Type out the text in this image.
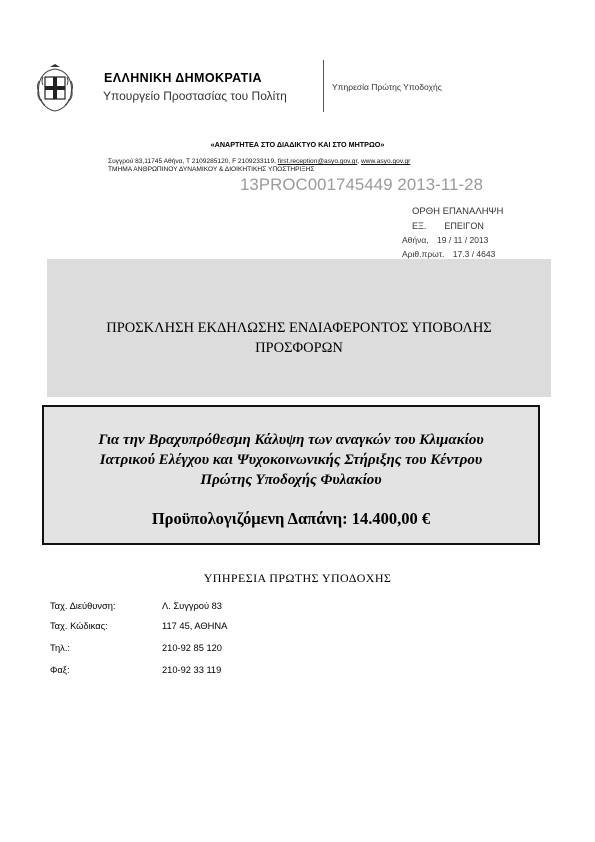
ΕΛΛΗΝΙΚΗ ΔΗΜΟΚΡΑΤΙΑ
Υπουργείο Προστασίας του Πολίτη
Υπηρεσία Πρώτης Υποδοχής
«ΑΝΑΡΤΗΤΕΑ ΣΤΟ ΔΙΑΔΙΚΤΥΟ ΚΑΙ ΣΤΟ ΜΗΤΡΩΟ»
Συγγρού 83,11745 Αθήνα, Τ 2109285120, F 2109233119, first.reception@asyo.gov.gr, www.asyo.gov.gr
ΤΜΗΜΑ ΑΝΘΡΩΠΙΝΟΥ ΔΥΝΑΜΙΚΟΥ & ΔΙΟΙΚΗΤΙΚΗΣ ΥΠΟΣΤΗΡΙΞΗΣ
13PROC001745449 2013-11-28
ΟΡΘΗ ΕΠΑΝΑΛΗΨΗ
ΕΞ. ΕΠΕΙΓΟΝ
Αθήνα, 19 / 11 / 2013
Αριθ.πρωτ. 17.3 / 4643
ΠΡΟΣΚΛΗΣΗ ΕΚΔΗΛΩΣΗΣ ΕΝΔΙΑΦΕΡΟΝΤΟΣ ΥΠΟΒΟΛΗΣ
ΠΡΟΣΦΟΡΩΝ
Για την Βραχυπρόθεσμη Κάλυψη των αναγκών του Κλιμακίου
Ιατρικού Ελέγχου και Ψυχοκοινωνικής Στήριξης του Κέντρου
Πρώτης Υποδοχής Φυλακίου
Προϋπολογιζόμενη Δαπάνη: 14.400,00 €
ΥΠΗΡΕΣΙΑ ΠΡΩΤΗΣ ΥΠΟΔΟΧΗΣ
Ταχ. Διεύθυνση:	Λ. Συγγρού 83
Ταχ. Κώδικας:	117 45, ΑΘΗΝΑ
Τηλ.:	210-92 85 120
Φαξ:	210-92 33 119
